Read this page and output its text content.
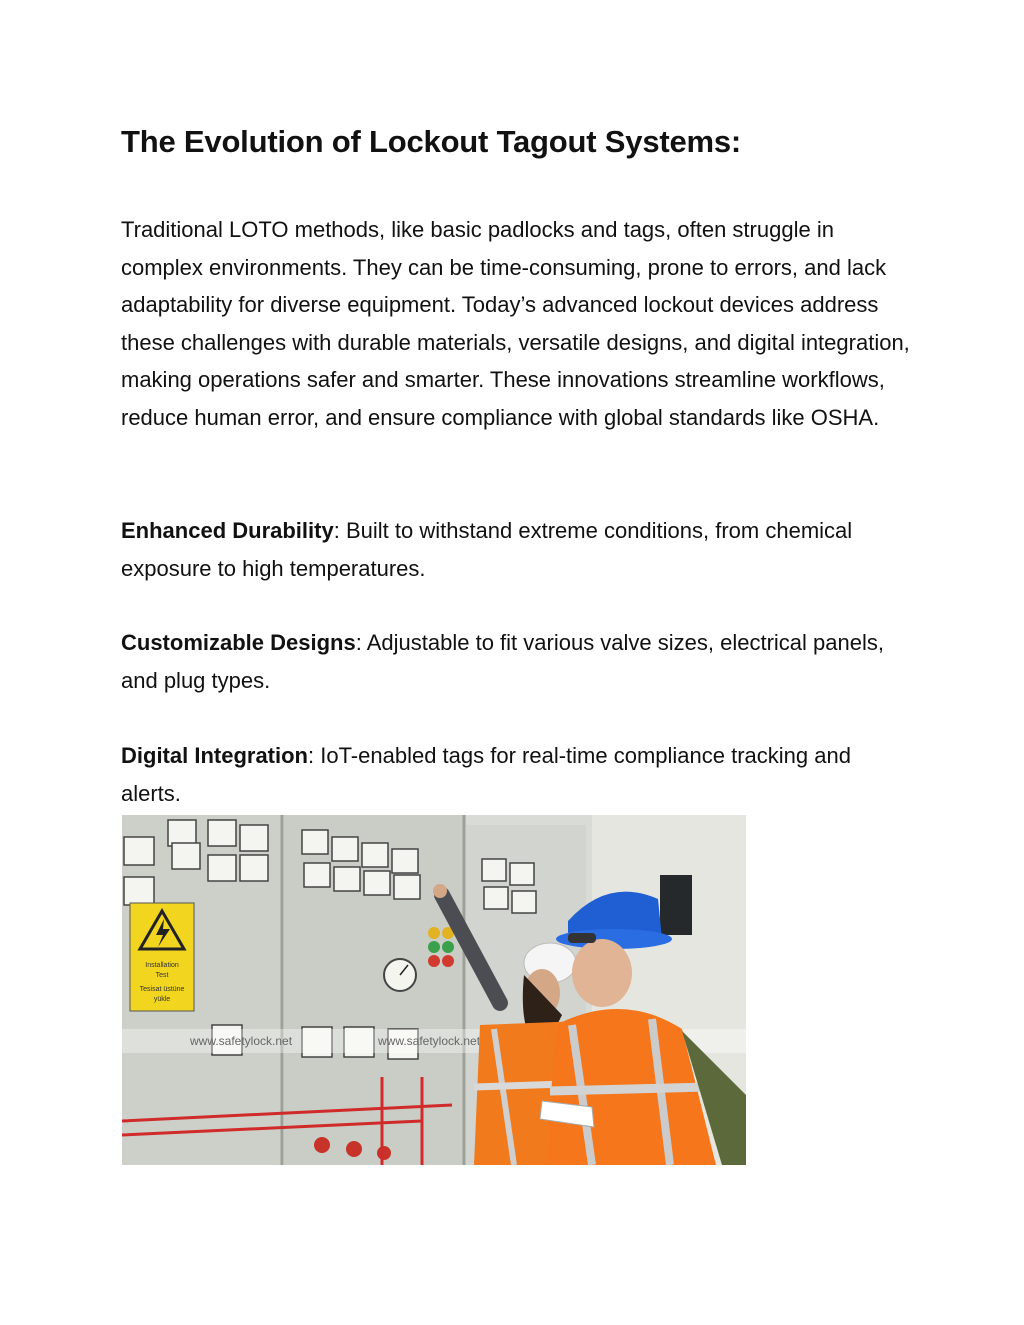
The Evolution of Lockout Tagout Systems:

Traditional LOTO methods, like basic padlocks and tags, often struggle in complex environments. They can be time-consuming, prone to errors, and lack adaptability for diverse equipment. Today’s advanced lockout devices address these challenges with durable materials, versatile designs, and digital integration, making operations safer and smarter. These innovations streamline workflows, reduce human error, and ensure compliance with global standards like OSHA.

Enhanced Durability: Built to withstand extreme conditions, from chemical exposure to high temperatures.

Customizable Designs: Adjustable to fit various valve sizes, electrical panels, and plug types.

Digital Integration: IoT-enabled tags for real-time compliance tracking and alerts.

Installation
Test
Tesisat üstüne
yükle
www.safetylock.net	www.safetylock.net
